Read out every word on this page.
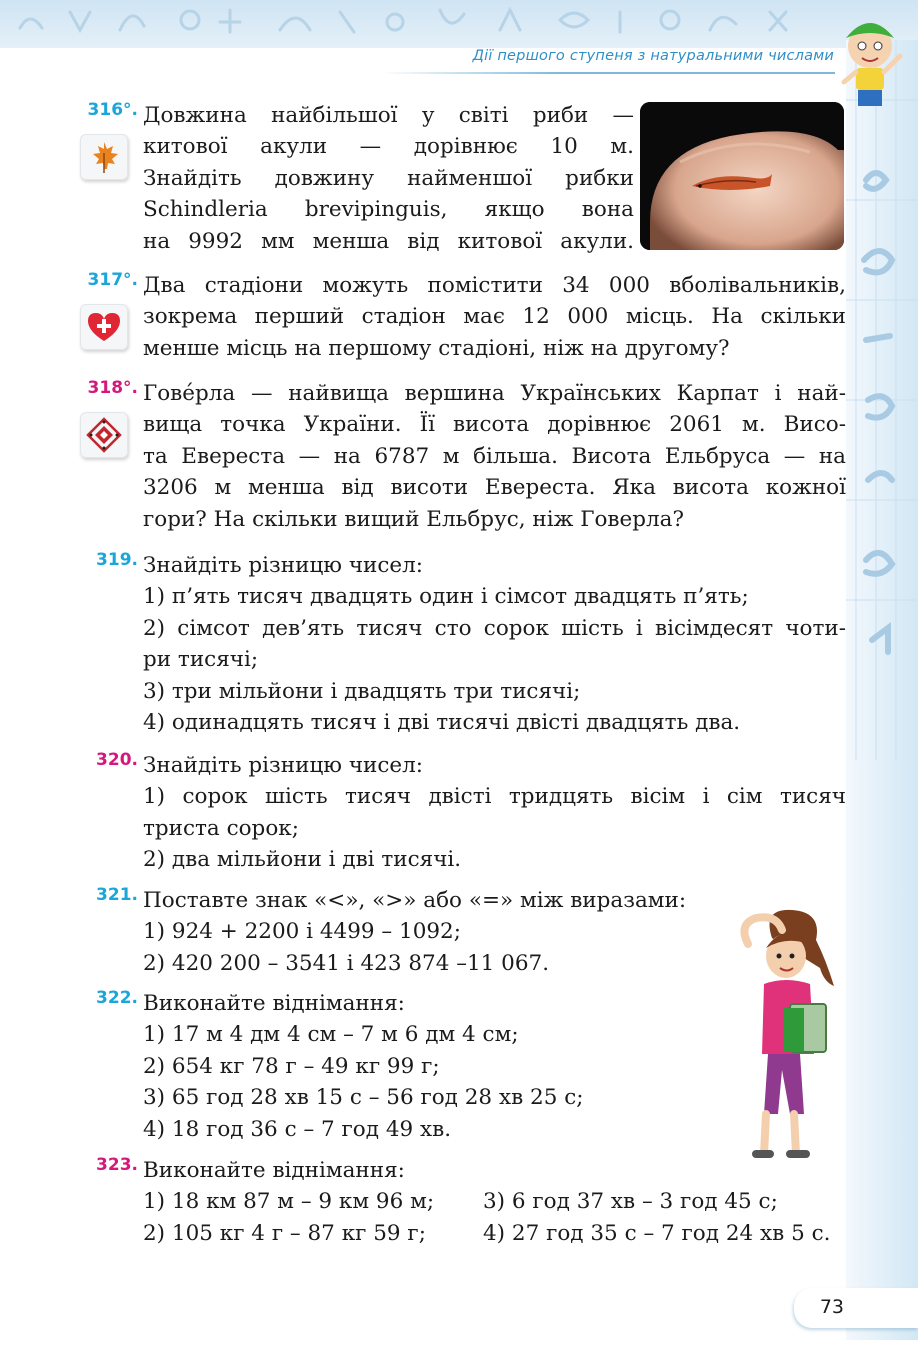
Дії першого ступеня з натуральними числами
316°. Довжина найбільшої у світі риби —
китової акули — дорівнює 10 м.
Знайдіть довжину найменшої рибки
Schindleria brevipinguis, якщо вона
на 9992 мм менша від китової акули.
317°. Два стадіони можуть помістити 34 000 вболівальників,
зокрема перший стадіон має 12 000 місць. На скільки
менше місць на першому стадіоні, ніж на другому?
318°. Гове́рла — найвища вершина Українських Карпат і най-
вища точка України. Її висота дорівнює 2061 м. Висо-
та Евереста — на 6787 м більша. Висота Ельбруса — на
3206 м менша від висоти Евереста. Яка висота кожної
гори? На скільки вищий Ельбрус, ніж Говерла?
319. Знайдіть різницю чисел:
1) п’ять тисяч двадцять один і сімсот двадцять п’ять;
2) сімсот дев’ять тисяч сто сорок шість і вісімдесят чоти-
ри тисячі;
3) три мільйони і двадцять три тисячі;
4) одинадцять тисяч і дві тисячі двісті двадцять два.
320. Знайдіть різницю чисел:
1) сорок шість тисяч двісті тридцять вісім і сім тисяч
триста сорок;
2) два мільйони і дві тисячі.
321. Поставте знак «<», «>» або «=» між виразами:
1) 924 + 2200 і 4499 – 1092;
2) 420 200 – 3541 і 423 874 –11 067.
322. Виконайте віднімання:
1) 17 м 4 дм 4 см – 7 м 6 дм 4 см;
2) 654 кг 78 г – 49 кг 99 г;
3) 65 год 28 хв 15 с – 56 год 28 хв 25 с;
4) 18 год 36 с – 7 год 49 хв.
323. Виконайте віднімання:
1) 18 км 87 м – 9 км 96 м;	3) 6 год 37 хв – 3 год 45 с;
2) 105 кг 4 г – 87 кг 59 г;	4) 27 год 35 с – 7 год 24 хв 5 с.
73
